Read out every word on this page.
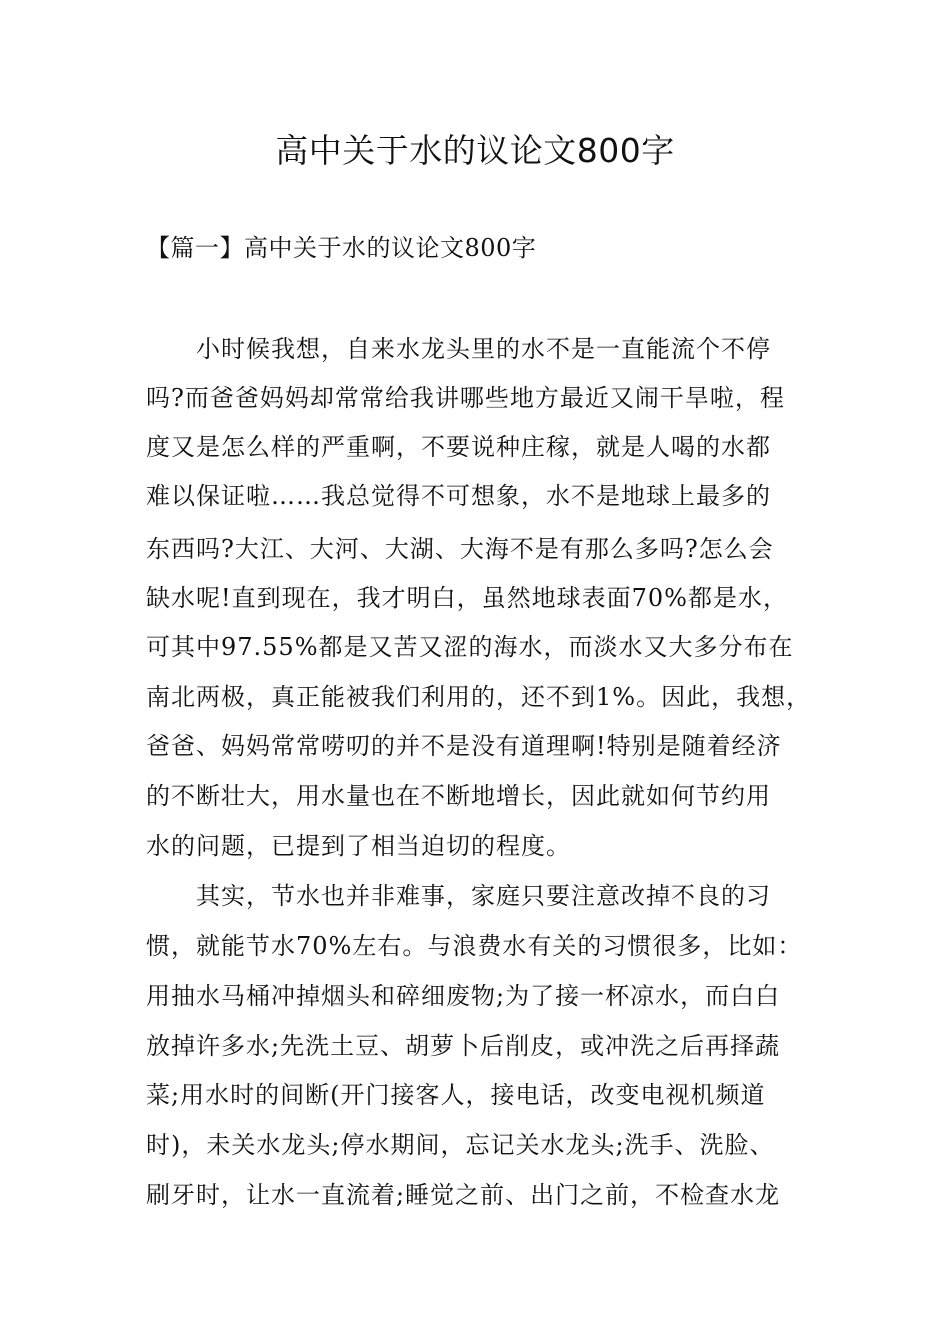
高中关于水的议论文800字
【篇一】高中关于水的议论文800字
　　小时候我想，自来水龙头里的水不是一直能流个不停
吗?而爸爸妈妈却常常给我讲哪些地方最近又闹干旱啦，程
度又是怎么样的严重啊，不要说种庄稼，就是人喝的水都
难以保证啦……我总觉得不可想象，水不是地球上最多的
东西吗?大江、大河、大湖、大海不是有那么多吗?怎么会
缺水呢!直到现在，我才明白，虽然地球表面70%都是水，
可其中97.55%都是又苦又涩的海水，而淡水又大多分布在
南北两极，真正能被我们利用的，还不到1%。因此，我想，
爸爸、妈妈常常唠叨的并不是没有道理啊!特别是随着经济
的不断壮大，用水量也在不断地增长，因此就如何节约用
水的问题，已提到了相当迫切的程度。
　　其实，节水也并非难事，家庭只要注意改掉不良的习
惯，就能节水70%左右。与浪费水有关的习惯很多，比如：
用抽水马桶冲掉烟头和碎细废物;为了接一杯凉水，而白白
放掉许多水;先洗土豆、胡萝卜后削皮，或冲洗之后再择蔬
菜;用水时的间断(开门接客人，接电话，改变电视机频道
时)，未关水龙头;停水期间，忘记关水龙头;洗手、洗脸、
刷牙时，让水一直流着;睡觉之前、出门之前，不检查水龙
